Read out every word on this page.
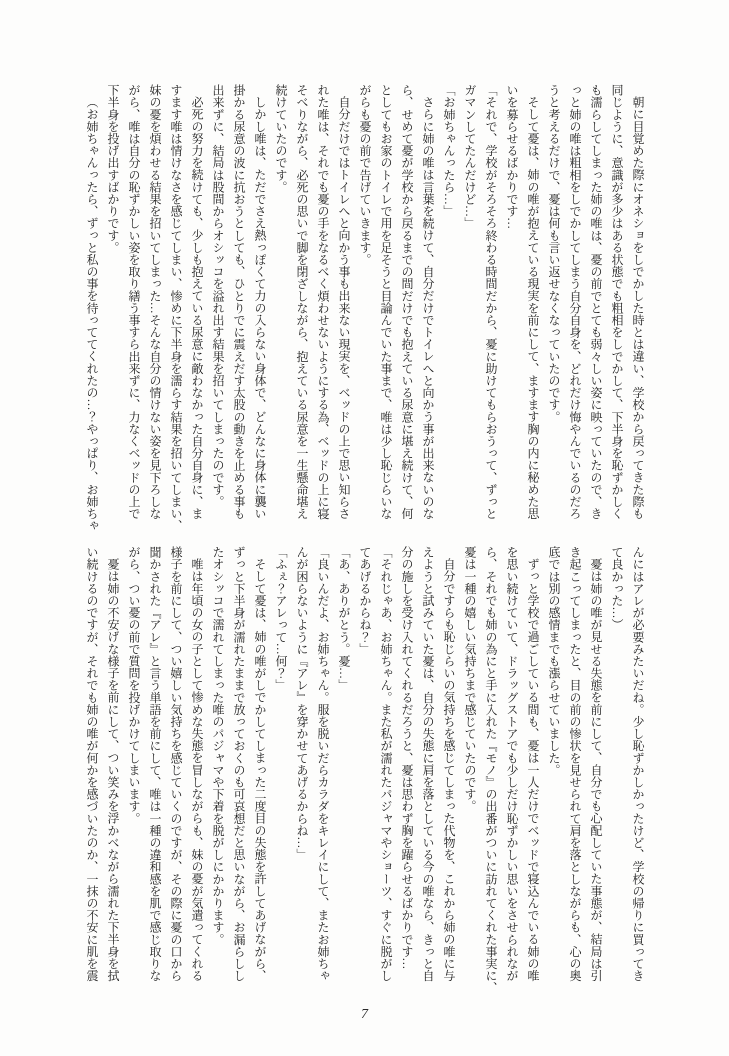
朝に目覚めた際にオネショをしでかした時とは違い、学校から戻ってきた際も
同じように、意識が多少はある状態でも粗相をしでかして、下半身を恥ずかしく
も濡らしてしまった姉の唯は、憂の前でとても弱々しい姿に映っていたので、き
っと姉の唯は粗相をしでかしてしまう自分自身を、どれだけ悔やんでいるのだろ
うと考えるだけで、憂は何も言い返せなくなっていたのです。
そして憂は、姉の唯が抱えている現実を前にして、ますます胸の内に秘めた思
いを募らせるばかりです…
「それで、学校がそろそろ終わる時間だから、憂に助けてもらおうって、ずっと
ガマンしてたんだけど…」
「お姉ちゃんったら…」
さらに姉の唯は言葉を続けて、自分だけでトイレへと向かう事が出来ないのな
ら、せめて憂が学校から戻るまでの間だけでも抱えている尿意に堪え続けて、何
としてもお家のトイレで用を足そうと目論んでいた事まで、唯は少し恥じらいな
がらも憂の前で告げていきます。
自分だけではトイレへと向かう事も出来ない現実を、ベッドの上で思い知らさ
れた唯は、それでも憂の手をなるべく煩わせないようにする為、ベッドの上に寝
そべりながら、必死の思いで脚を閉ざしながら、抱えている尿意を一生懸命堪え
続けていたのです。
しかし唯は、ただでさえ熱っぽくて力の入らない身体で、どんなに身体に襲い
掛かる尿意の波に抗おうとしても、ひとりでに震えだす太股の動きを止める事も
出来ずに、結局は股間からオシッコを溢れ出す結果を招いてしまったのです。
必死の努力を続けても、少しも抱えている尿意に敵わなかった自分自身に、ま
すます唯は情けなさを感じてしまい、惨めに下半身を濡らす結果を招いてしまい、
妹の憂を煩わせる結果を招いてしまった…そんな自分の情けない姿を見下ろしな
がら、唯は自分の恥ずかしい姿を取り繕う事すら出来ずに、力なくベッドの上で
下半身を投げ出すばかりです。
（お姉ちゃんったら、ずっと私の事を待っててくれたの…？やっぱり、お姉ちゃ
んにはアレが必要みたいだね。少し恥ずかしかったけど、学校の帰りに買ってき
て良かった…）
憂は姉の唯が見せる失態を前にして、自分でも心配していた事態が、結局は引
き起こってしまったと、目の前の惨状を見せられて肩を落としながらも、心の奥
底では別の感情までも漲らせていました。
ずっと学校で過ごしている間も、憂は一人だけでベッドで寝込んでいる姉の唯
を思い続けていて、ドラッグストアでも少しだけ恥ずかしい思いをさせられなが
ら、それでも姉の為にと手に入れた『モノ』の出番がついに訪れてくれた事実に、
憂は一種の嬉しい気持ちまで感じていたのです。
自分ですらも恥じらいの気持ちを感じてしまった代物を、これから姉の唯に与
えようと試みていた憂は、自分の失態に肩を落としている今の唯なら、きっと自
分の施しを受け入れてくれるだろうと、憂は思わず胸を躍らせるばかりです…
「それじゃあ、お姉ちゃん。また私が濡れたパジャマやショーツ、すぐに脱がし
てあげるからね？」
「あ、ありがとう。憂…」
「良いんだよ、お姉ちゃん。服を脱いだらカラダをキレイにして、またお姉ちゃ
んが困らないように『アレ』を穿かせてあげるからね…」
「ふぇ？アレって…何？」
そして憂は、姉の唯がしでかしてしまった二度目の失態を許してあげながら、
ずっと下半身が濡れたままで放っておくのも可哀想だと思いながら、お漏らしし
たオシッコで濡れてしまった唯のパジャマや下着を脱がしにかかります。
唯は年頃の女の子として惨めな失態を冒しながらも、妹の憂が気遣ってくれる
様子を前にして、つい嬉しい気持ちを感じていくのですが、その際に憂の口から
聞かされた『アレ』と言う単語を前にして、唯は一種の違和感を肌で感じ取りな
がら、つい憂の前で質問を投げかけてしまいます。
憂は姉の不安げな様子を前にして、つい笑みを浮かべながら濡れた下半身を拭
い続けるのですが、それでも姉の唯が何かを感づいたのか、一抹の不安に肌を震
7
